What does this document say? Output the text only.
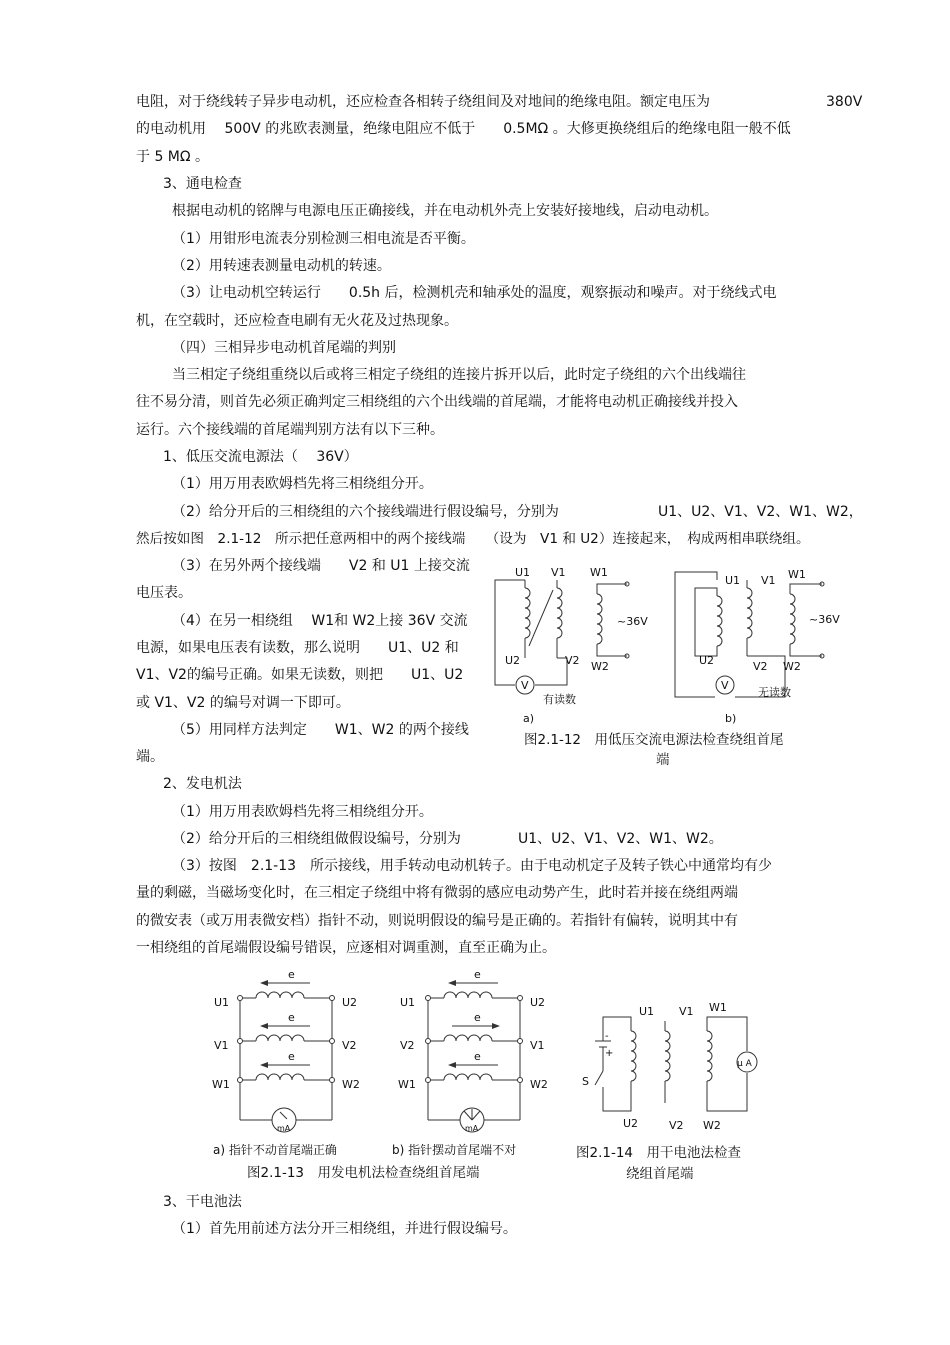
电阻，对于绕线转子异步电动机，还应检查各相转子绕组间及对地间的绝缘电阻。额定电压为	380V
的电动机用　 500V 的兆欧表测量，绝缘电阻应不低于　　0.5MΩ 。大修更换绕组后的绝缘电阻一般不低
于 5 MΩ 。
3、通电检查
根据电动机的铭牌与电源电压正确接线，并在电动机外壳上安装好接地线，启动电动机。
（1）用钳形电流表分别检测三相电流是否平衡。
（2）用转速表测量电动机的转速。
（3）让电动机空转运行　　0.5h 后，检测机壳和轴承处的温度，观察振动和噪声。对于绕线式电
机，在空载时，还应检查电刷有无火花及过热现象。
（四）三相异步电动机首尾端的判别
当三相定子绕组重绕以后或将三相定子绕组的连接片拆开以后，此时定子绕组的六个出线端往
往不易分清，则首先必须正确判定三相绕组的六个出线端的首尾端，才能将电动机正确接线并投入
运行。六个接线端的首尾端判别方法有以下三种。
1、低压交流电源法（　 36V）
（1）用万用表欧姆档先将三相绕组分开。
（2）给分开后的三相绕组的六个接线端进行假设编号，分别为	U1、U2、V1、V2、W1、W2，
然后按如图　2.1-12　所示把任意两相中的两个接线端　　（设为　V1 和 U2）连接起来，　构成两相串联绕组。
（3）在另外两个接线端　　V2 和 U1 上接交流
电压表。
（4）在另一相绕组　 W1和 W2上接 36V 交流
电源，如果电压表有读数，那么说明　　U1、U2 和
V1、V2的编号正确。如果无读数，则把　　U1、U2
或 V1、V2 的编号对调一下即可。
（5）用同样方法判定　　W1、W2 的两个接线
端。
2、发电机法
（1）用万用表欧姆档先将三相绕组分开。
（2）给分开后的三相绕组做假设编号，分别为	U1、U2、V1、V2、W1、W2。
（3）按图　2.1-13　所示接线，用手转动电动机转子。由于电动机定子及转子铁心中通常均有少
量的剩磁，当磁场变化时，在三相定子绕组中将有微弱的感应电动势产生，此时若并接在绕组两端
的微安表（或万用表微安档）指针不动，则说明假设的编号是正确的。若指针有偏转，说明其中有
一相绕组的首尾端假设编号错误，应逐相对调重测，直至正确为止。
3、干电池法
（1）首先用前述方法分开三相绕组，并进行假设编号。
V	V
U1 V1 W1
U2	V2 W2
~36V
有读数
a)
U1 V1 W1
U2	V2 W2
~36V
无读数
b)
图2.1-12　用低压交流电源法检查绕组首尾
端
mA
e
e
e
U1	U2
V1	V2
W1	W2
mA
e
e
e
U1	U2
V2	V1
W1	W2
a) 指针不动首尾端正确	b) 指针摆动首尾端不对
图2.1-13　用发电机法检查绕组首尾端
μ A
-
+
S
U1 V1 W1
U2	V2 W2
图2.1-14　用干电池法检查
绕组首尾端
